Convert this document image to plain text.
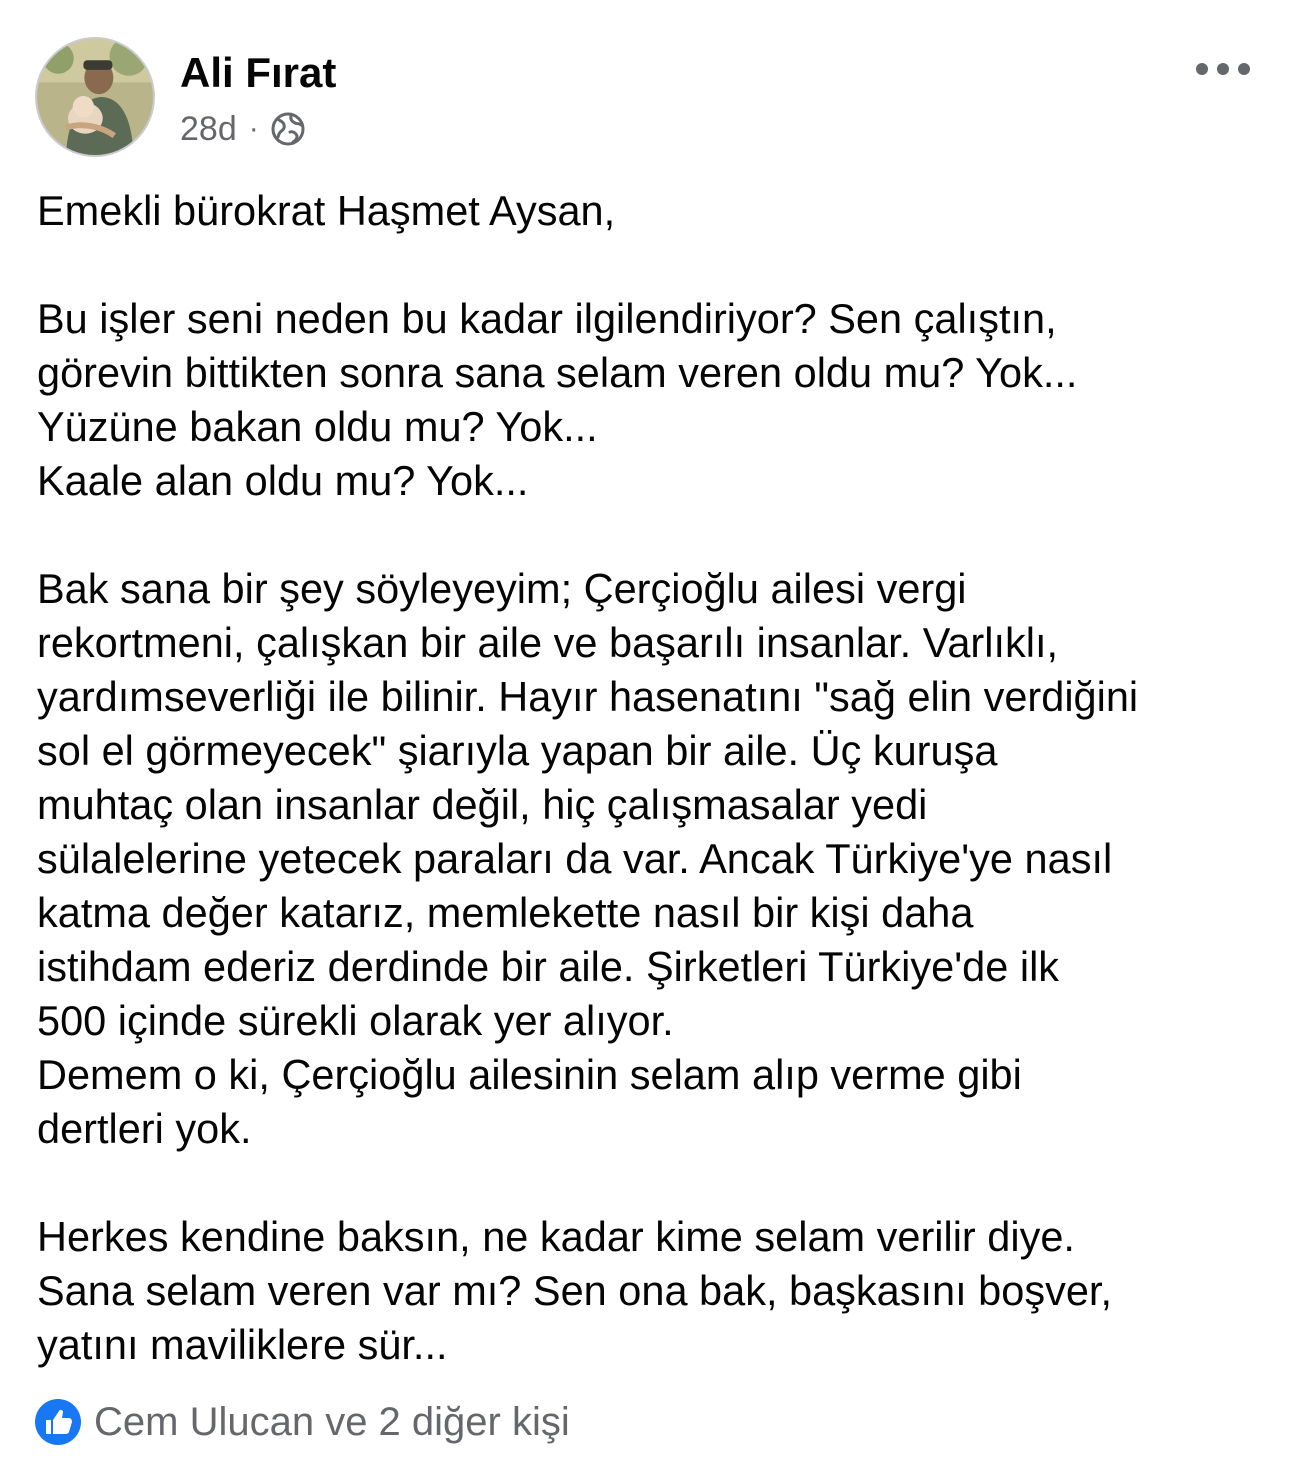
Ali Fırat
28d ·

Emekli bürokrat Haşmet Aysan,

Bu işler seni neden bu kadar ilgilendiriyor? Sen çalıştın,
görevin bittikten sonra sana selam veren oldu mu? Yok...
Yüzüne bakan oldu mu? Yok...
Kaale alan oldu mu? Yok...

Bak sana bir şey söyleyeyim; Çerçioğlu ailesi vergi
rekortmeni, çalışkan bir aile ve başarılı insanlar. Varlıklı,
yardımseverliği ile bilinir. Hayır hasenatını "sağ elin verdiğini
sol el görmeyecek" şiarıyla yapan bir aile. Üç kuruşa
muhtaç olan insanlar değil, hiç çalışmasalar yedi
sülalelerine yetecek paraları da var. Ancak Türkiye'ye nasıl
katma değer katarız, memlekette nasıl bir kişi daha
istihdam ederiz derdinde bir aile. Şirketleri Türkiye'de ilk
500 içinde sürekli olarak yer alıyor.
Demem o ki, Çerçioğlu ailesinin selam alıp verme gibi
dertleri yok.

Herkes kendine baksın, ne kadar kime selam verilir diye.
Sana selam veren var mı? Sen ona bak, başkasını boşver,
yatını maviliklere sür...

Cem Ulucan ve 2 diğer kişi
